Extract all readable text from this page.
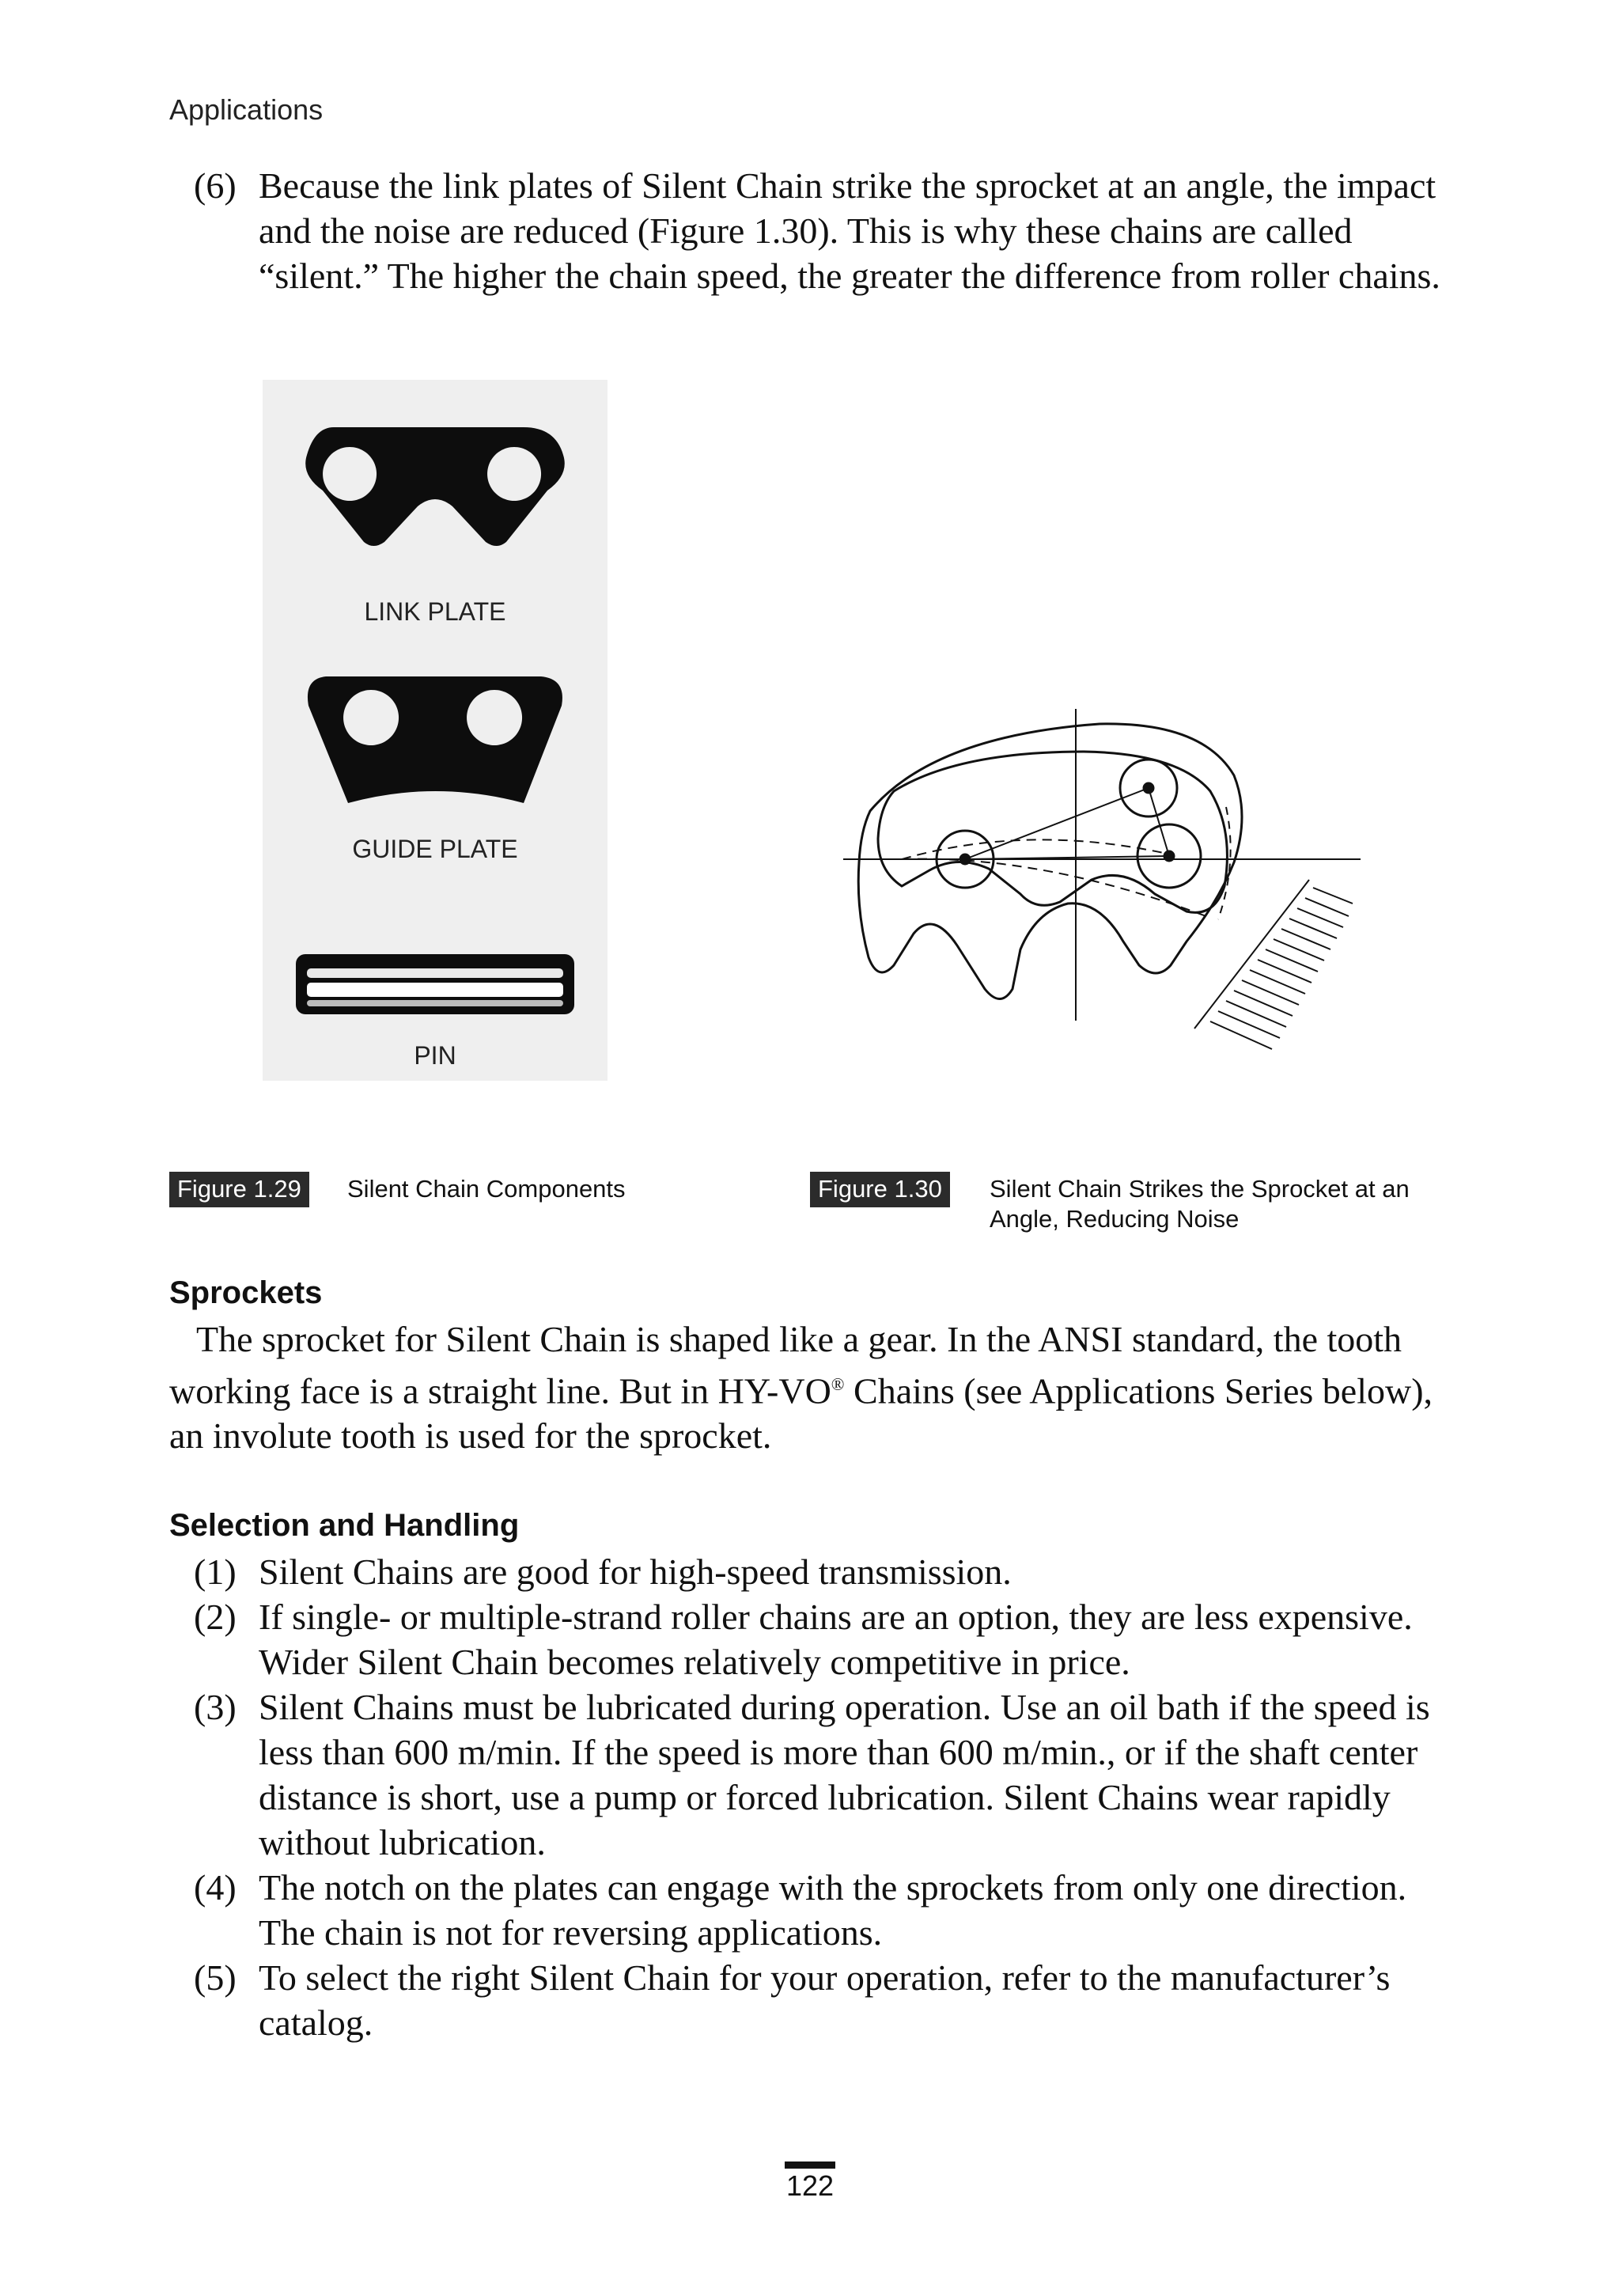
Applications
(6) Because the link plates of Silent Chain strike the sprocket at an angle, the impact and the noise are reduced (Figure 1.30). This is why these chains are called “silent.” The higher the chain speed, the greater the difference from roller chains.
LINK PLATE
GUIDE PLATE
PIN
Figure 1.29	Silent Chain Components	Figure 1.30	Silent Chain Strikes the Sprocket at an
Angle, Reducing Noise
Sprockets
The sprocket for Silent Chain is shaped like a gear. In the ANSI standard, the tooth working face is a straight line. But in HY-VO® Chains (see Applications Series below), an involute tooth is used for the sprocket.
Selection and Handling
(1) Silent Chains are good for high-speed transmission.
(2) If single- or multiple-strand roller chains are an option, they are less expensive. Wider Silent Chain becomes relatively competitive in price.
(3) Silent Chains must be lubricated during operation. Use an oil bath if the speed is less than 600 m/min. If the speed is more than 600 m/min., or if the shaft center distance is short, use a pump or forced lubrication. Silent Chains wear rapidly without lubrication.
(4) The notch on the plates can engage with the sprockets from only one direction. The chain is not for reversing applications.
(5) To select the right Silent Chain for your operation, refer to the manufacturer’s catalog.
122
